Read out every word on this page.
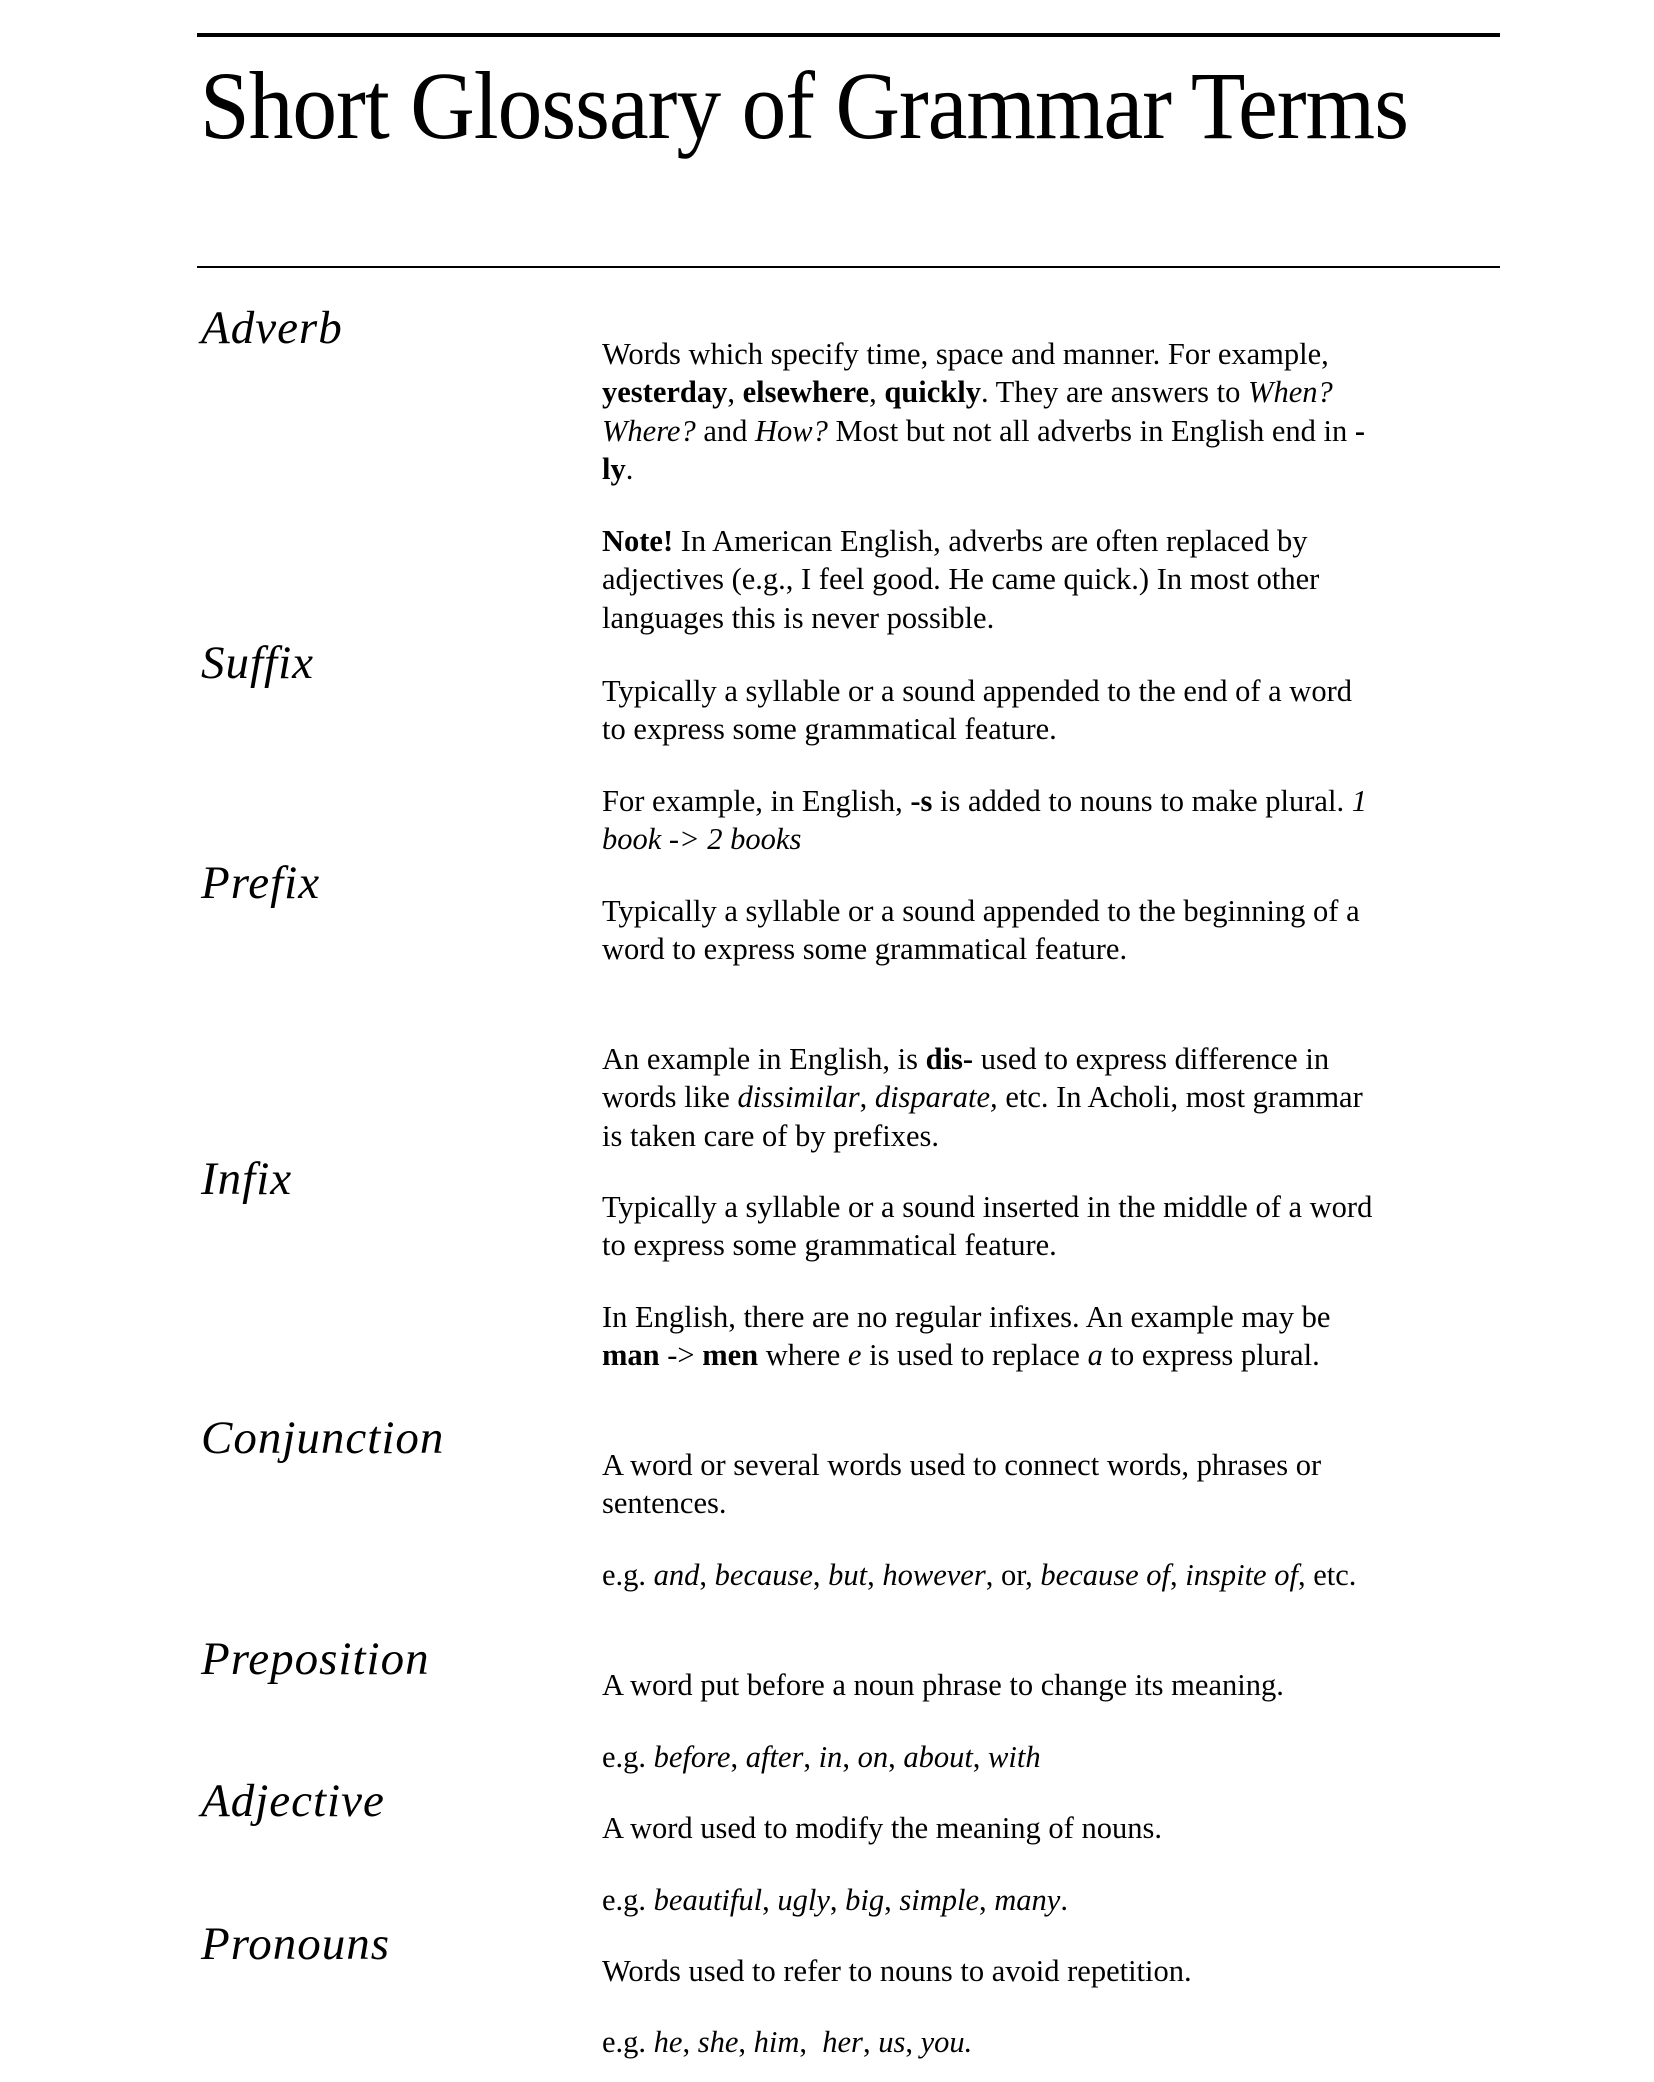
Short Glossary of Grammar Terms
Adverb
Suffix
Prefix
Infix
Conjunction
Preposition
Adjective
Pronouns

Words which specify time, space and manner. For example, yesterday, elsewhere, quickly. They are answers to When? Where? and How? Most but not all adverbs in English end in -ly.

Note! In American English, adverbs are often replaced by adjectives (e.g., I feel good. He came quick.) In most other languages this is never possible.

Typically a syllable or a sound appended to the end of a word to express some grammatical feature.

For example, in English, -s is added to nouns to make plural. 1 book -> 2 books

Typically a syllable or a sound appended to the beginning of a word to express some grammatical feature.

An example in English, is dis- used to express difference in words like dissimilar, disparate, etc. In Acholi, most grammar is taken care of by prefixes.

Typically a syllable or a sound inserted in the middle of a word to express some grammatical feature.

In English, there are no regular infixes. An example may be man -> men where e is used to replace a to express plural.

A word or several words used to connect words, phrases or sentences.

e.g. and, because, but, however, or, because of, inspite of, etc.

A word put before a noun phrase to change its meaning.

e.g. before, after, in, on, about, with

A word used to modify the meaning of nouns.

e.g. beautiful, ugly, big, simple, many.

Words used to refer to nouns to avoid repetition.

e.g. he, she, him,  her, us, you.
